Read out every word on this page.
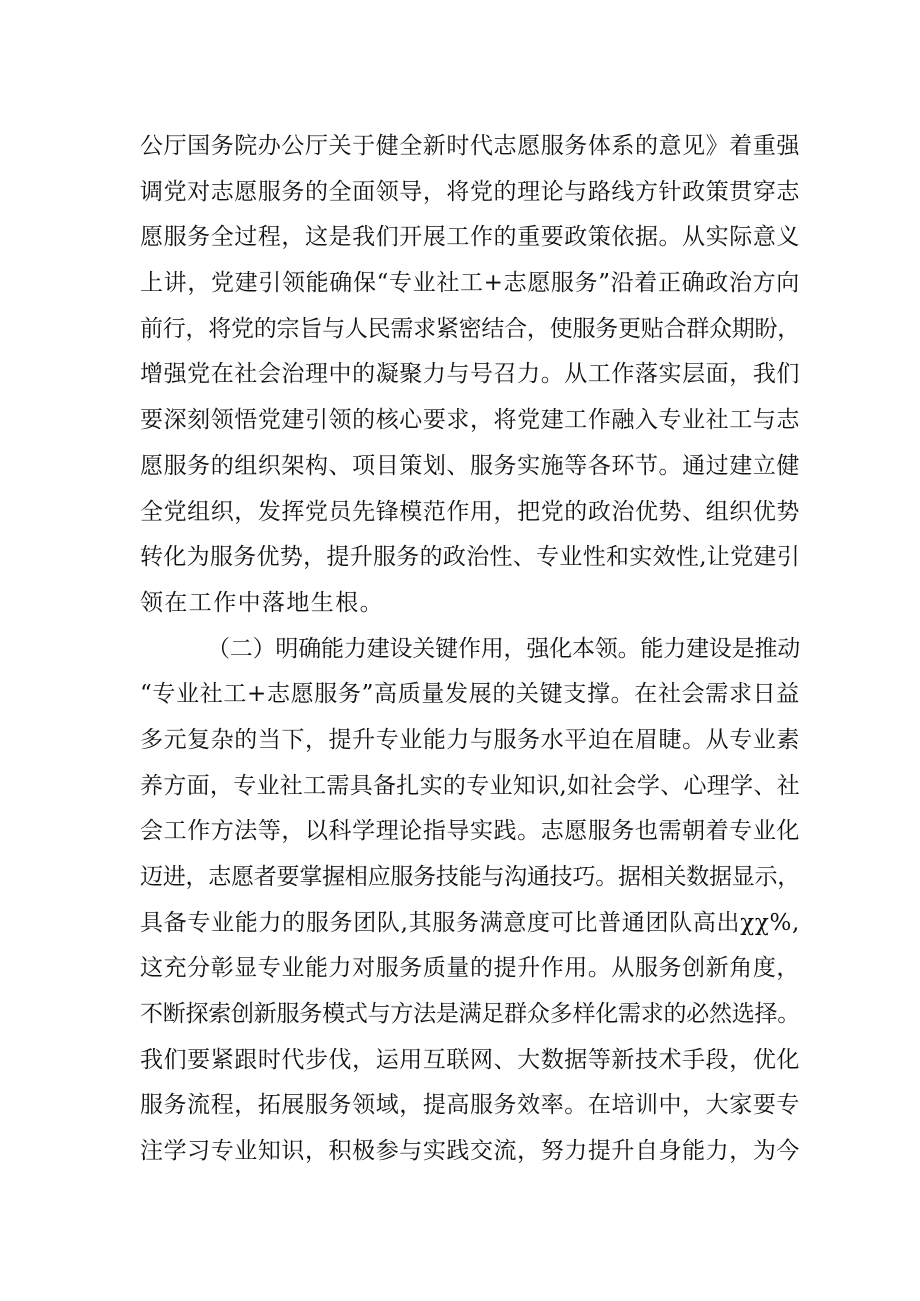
公厅国务院办公厅关于健全新时代志愿服务体系的意见》着重强
调党对志愿服务的全面领导，将党的理论与路线方针政策贯穿志
愿服务全过程，这是我们开展工作的重要政策依据。从实际意义
上讲，党建引领能确保“专业社工+志愿服务”沿着正确政治方向
前行，将党的宗旨与人民需求紧密结合，使服务更贴合群众期盼，
增强党在社会治理中的凝聚力与号召力。从工作落实层面，我们
要深刻领悟党建引领的核心要求，将党建工作融入专业社工与志
愿服务的组织架构、项目策划、服务实施等各环节。通过建立健
全党组织，发挥党员先锋模范作用，把党的政治优势、组织优势
转化为服务优势，提升服务的政治性、专业性和实效性,让党建引
领在工作中落地生根。
（二）明确能力建设关键作用，强化本领。能力建设是推动
“专业社工+志愿服务”高质量发展的关键支撑。在社会需求日益
多元复杂的当下，提升专业能力与服务水平迫在眉睫。从专业素
养方面，专业社工需具备扎实的专业知识,如社会学、心理学、社
会工作方法等，以科学理论指导实践。志愿服务也需朝着专业化
迈进，志愿者要掌握相应服务技能与沟通技巧。据相关数据显示，
具备专业能力的服务团队,其服务满意度可比普通团队高出χχ%,
这充分彰显专业能力对服务质量的提升作用。从服务创新角度，
不断探索创新服务模式与方法是满足群众多样化需求的必然选择。
我们要紧跟时代步伐，运用互联网、大数据等新技术手段，优化
服务流程，拓展服务领域，提高服务效率。在培训中，大家要专
注学习专业知识，积极参与实践交流，努力提升自身能力，为今
